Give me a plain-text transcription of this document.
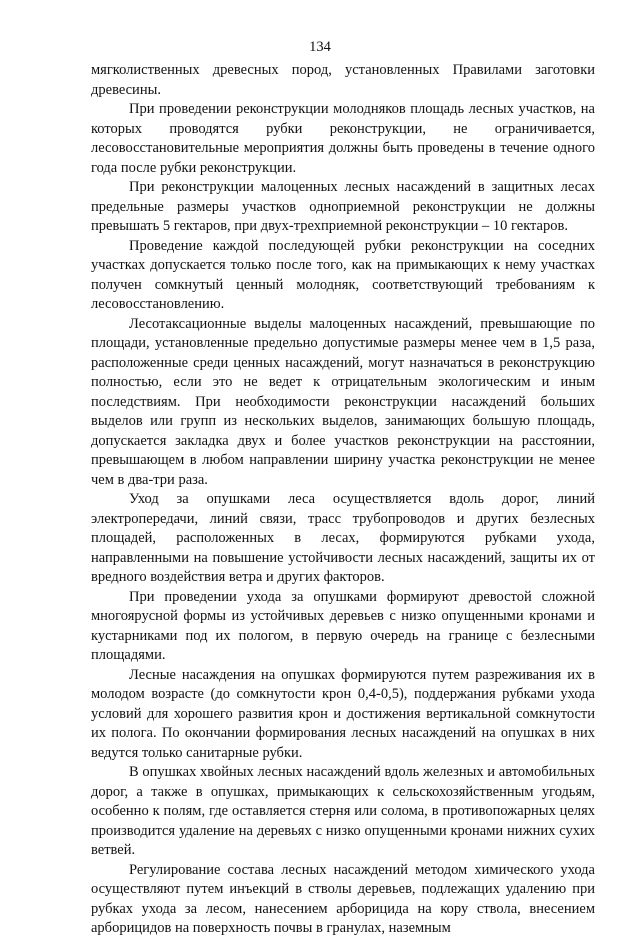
134

мягколиственных древесных пород, установленных Правилами заготовки древесины.

При проведении реконструкции молодняков площадь лесных участков, на которых проводятся рубки реконструкции, не ограничивается, лесовосстановительные мероприятия должны быть проведены в течение одного года после рубки реконструкции.

При реконструкции малоценных лесных насаждений в защитных лесах предельные размеры участков одноприемной реконструкции не должны превышать 5 гектаров, при двух-трехприемной реконструкции – 10 гектаров.

Проведение каждой последующей рубки реконструкции на соседних участках допускается только после того, как на примыкающих к нему участках получен сомкнутый ценный молодняк, соответствующий требованиям к лесовосстановлению.

Лесотаксационные выделы малоценных насаждений, превышающие по площади, установленные предельно допустимые размеры менее чем в 1,5 раза, расположенные среди ценных насаждений, могут назначаться в реконструкцию полностью, если это не ведет к отрицательным экологическим и иным последствиям. При необходимости реконструкции насаждений больших выделов или групп из нескольких выделов, занимающих большую площадь, допускается закладка двух и более участков реконструкции на расстоянии, превышающем в любом направлении ширину участка реконструкции не менее чем в два-три раза.

Уход за опушками леса осуществляется вдоль дорог, линий электропередачи, линий связи, трасс трубопроводов и других безлесных площадей, расположенных в лесах, формируются рубками ухода, направленными на повышение устойчивости лесных насаждений, защиты их от вредного воздействия ветра и других факторов.

При проведении ухода за опушками формируют древостой сложной многоярусной формы из устойчивых деревьев с низко опущенными кронами и кустарниками под их пологом, в первую очередь на границе с безлесными площадями.

Лесные насаждения на опушках формируются путем разреживания их в молодом возрасте (до сомкнутости крон 0,4-0,5), поддержания рубками ухода условий для хорошего развития крон и достижения вертикальной сомкнутости их полога. По окончании формирования лесных насаждений на опушках в них ведутся только санитарные рубки.

В опушках хвойных лесных насаждений вдоль железных и автомобильных дорог, а также в опушках, примыкающих к сельскохозяйственным угодьям, особенно к полям, где оставляется стерня или солома, в противопожарных целях производится удаление на деревьях с низко опущенными кронами нижних сухих ветвей.

Регулирование состава лесных насаждений методом химического ухода осуществляют путем инъекций в стволы деревьев, подлежащих удалению при рубках ухода за лесом, нанесением арборицида на кору ствола, внесением арборицидов на поверхность почвы в гранулах, наземным
